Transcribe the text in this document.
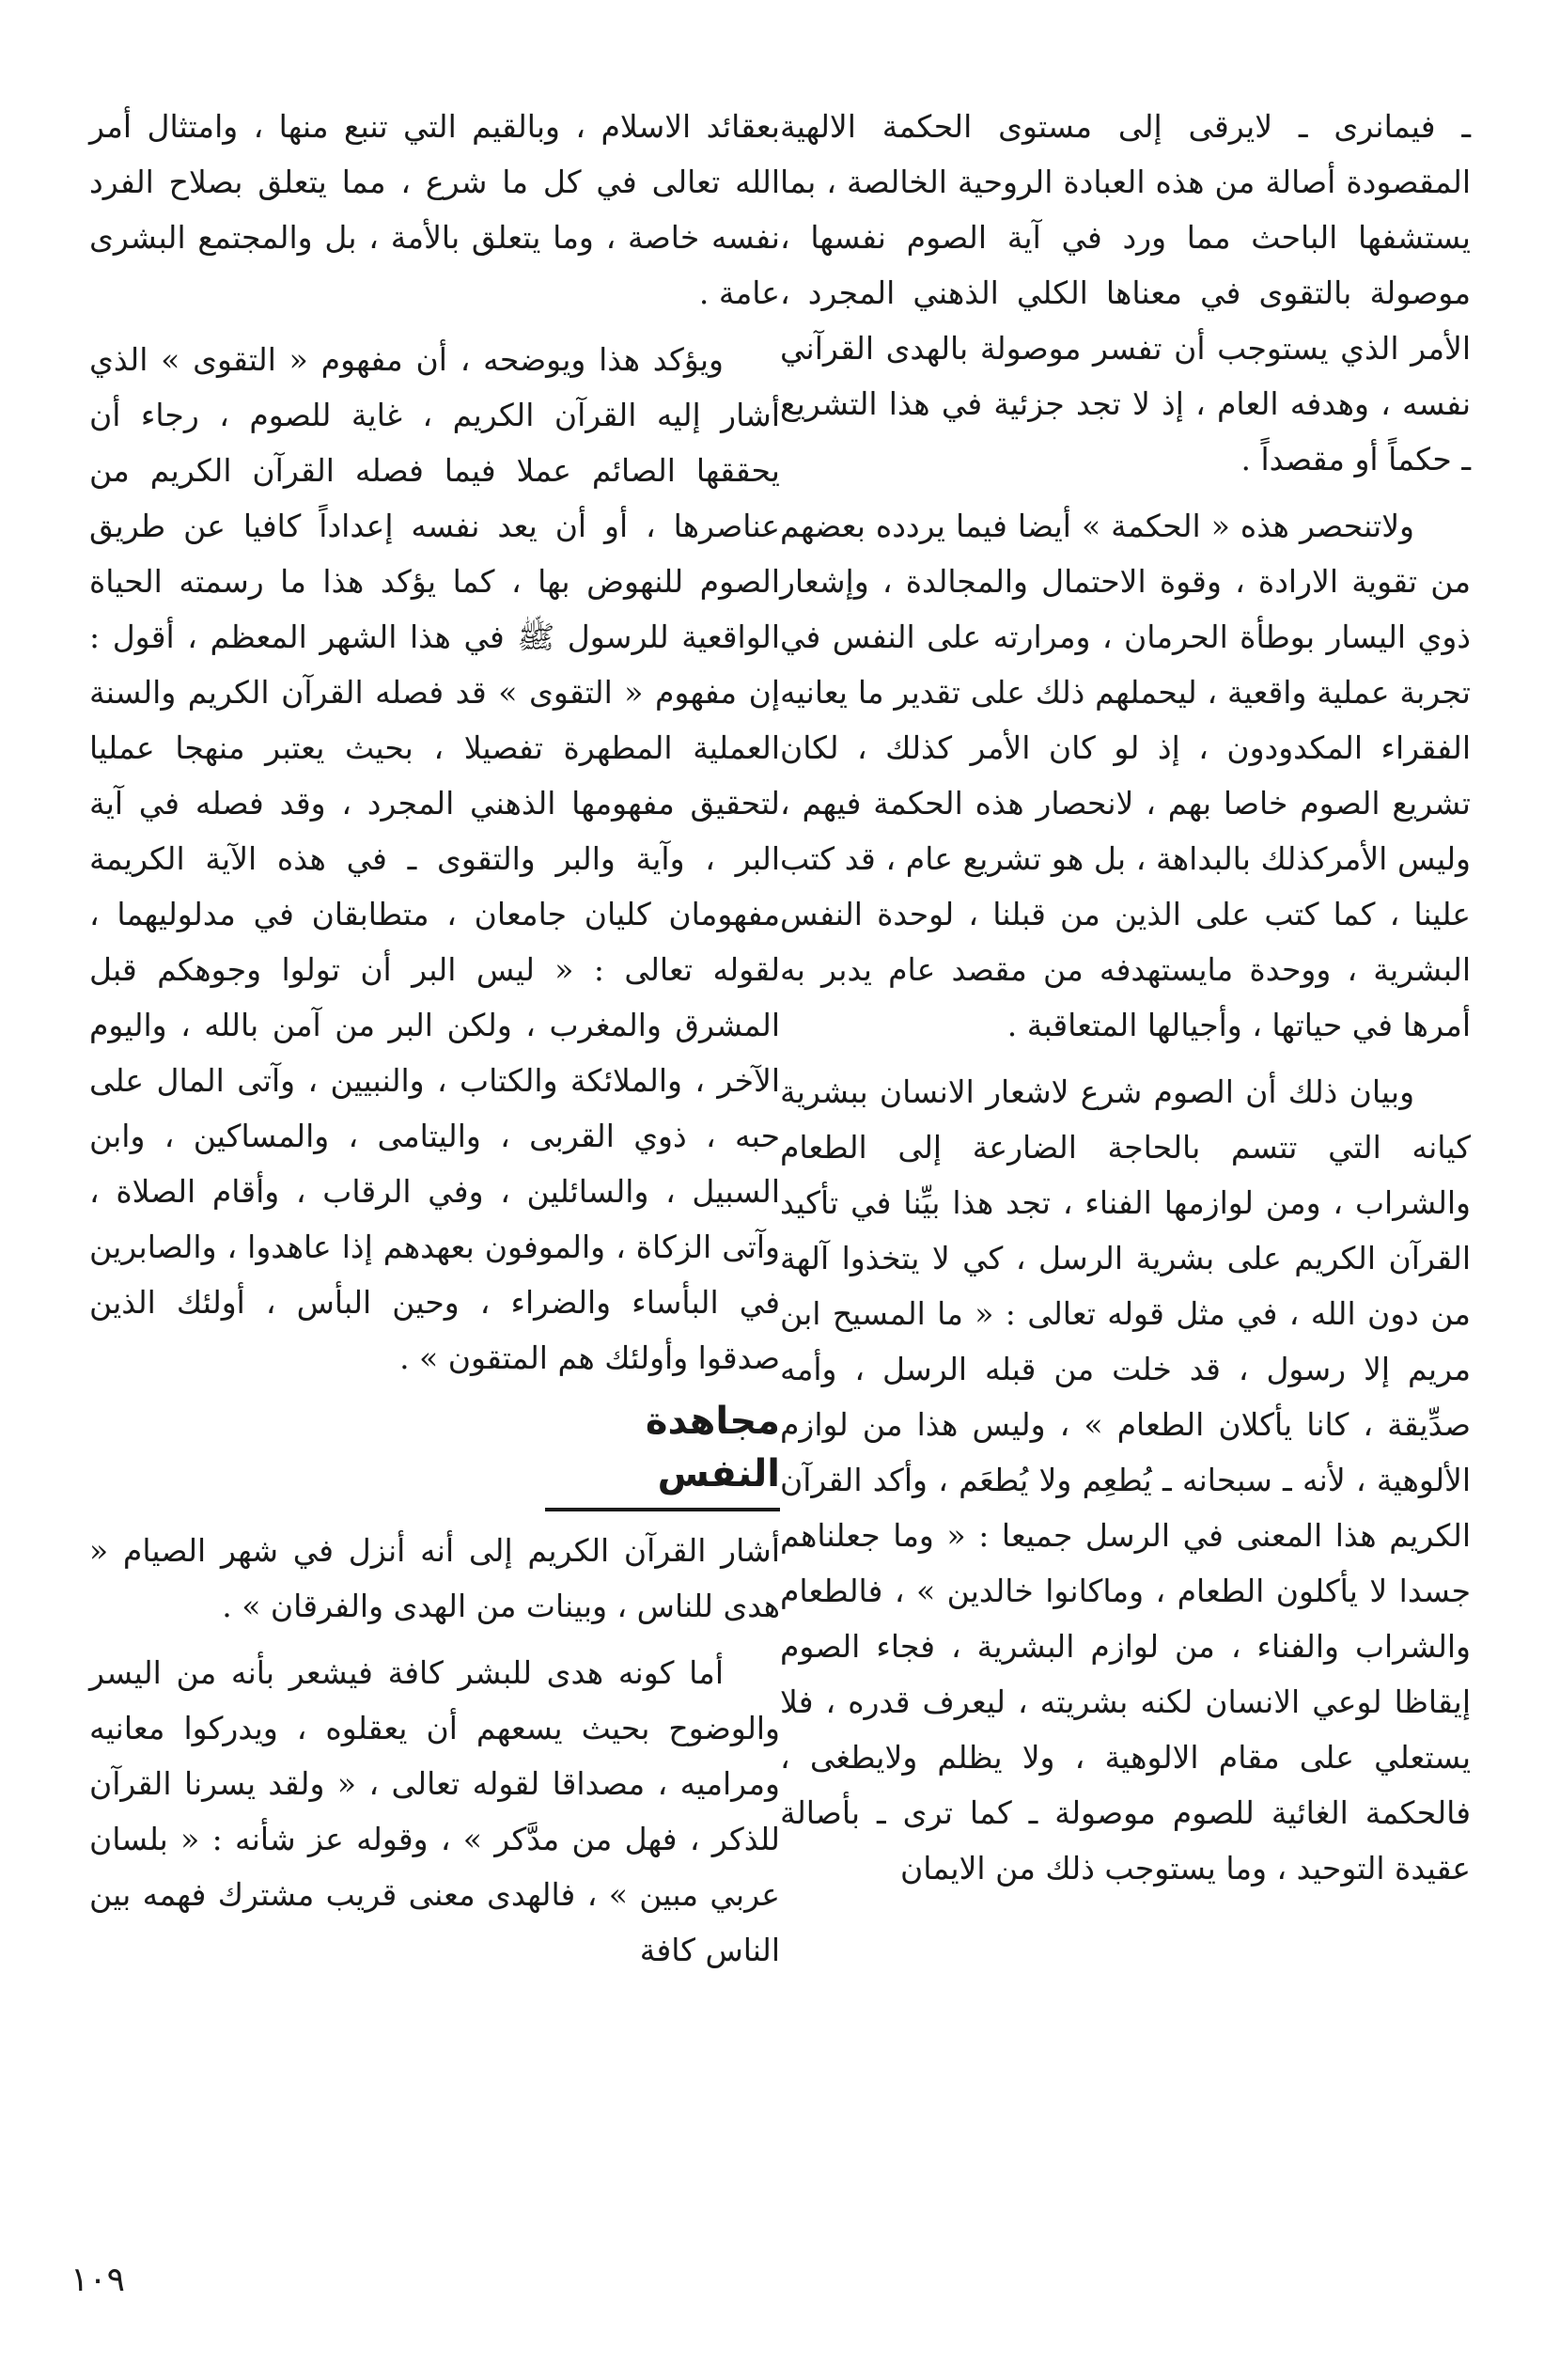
ـ فيمانرى ـ لايرقى إلى مستوى الحكمة الالهية المقصودة أصالة من هذه العبادة الروحية الخالصة ، بما يستشفها الباحث مما ورد في آية الصوم نفسها ، موصولة بالتقوى في معناها الكلي الذهني المجرد ، الأمر الذي يستوجب أن تفسر موصولة بالهدى القرآني نفسه ، وهدفه العام ، إذ لا تجد جزئية في هذا التشريع ـ حكماً أو مقصداً .

ولاتنحصر هذه « الحكمة » أيضا فيما يردده بعضهم من تقوية الارادة ، وقوة الاحتمال والمجالدة ، وإشعار ذوي اليسار بوطأة الحرمان ، ومرارته على النفس في تجربة عملية واقعية ، ليحملهم ذلك على تقدير ما يعانيه الفقراء المكدودون ، إذ لو كان الأمر كذلك ، لكان تشريع الصوم خاصا بهم ، لانحصار هذه الحكمة فيهم ، وليس الأمركذلك بالبداهة ، بل هو تشريع عام ، قد كتب علينا ، كما كتب على الذين من قبلنا ، لوحدة النفس البشرية ، ووحدة مايستهدفه من مقصد عام يدبر به أمرها في حياتها ، وأجيالها المتعاقبة .

وبيان ذلك أن الصوم شرع لاشعار الانسان ببشرية كيانه التي تتسم بالحاجة الضارعة إلى الطعام والشراب ، ومن لوازمها الفناء ، تجد هذا بيِّنا في تأكيد القرآن الكريم على بشرية الرسل ، كي لا يتخذوا آلهة من دون الله ، في مثل قوله تعالى : « ما المسيح ابن مريم إلا رسول ، قد خلت من قبله الرسل ، وأمه صدِّيقة ، كانا يأكلان الطعام » ، وليس هذا من لوازم الألوهية ، لأنه ـ سبحانه ـ يُطعِم ولا يُطعَم ، وأكد القرآن الكريم هذا المعنى في الرسل جميعا : « وما جعلناهم جسدا لا يأكلون الطعام ، وماكانوا خالدين » ، فالطعام والشراب والفناء ، من لوازم البشرية ، فجاء الصوم إيقاظا لوعي الانسان لكنه بشريته ، ليعرف قدره ، فلا يستعلي على مقام الالوهية ، ولا يظلم ولايطغى ، فالحكمة الغائية للصوم موصولة ـ كما ترى ـ بأصالة عقيدة التوحيد ، وما يستوجب ذلك من الايمان

بعقائد الاسلام ، وبالقيم التي تنبع منها ، وامتثال أمر الله تعالى في كل ما شرع ، مما يتعلق بصلاح الفرد نفسه خاصة ، وما يتعلق بالأمة ، بل والمجتمع البشرى عامة .

ويؤكد هذا ويوضحه ، أن مفهوم « التقوى » الذي أشار إليه القرآن الكريم ، غاية للصوم ، رجاء أن يحققها الصائم عملا فيما فصله القرآن الكريم من عناصرها ، أو أن يعد نفسه إعداداً كافيا عن طريق الصوم للنهوض بها ، كما يؤكد هذا ما رسمته الحياة الواقعية للرسول ﷺ في هذا الشهر المعظم ، أقول : إن مفهوم « التقوى » قد فصله القرآن الكريم والسنة العملية المطهرة تفصيلا ، بحيث يعتبر منهجا عمليا لتحقيق مفهومها الذهني المجرد ، وقد فصله في آية البر ، وآية والبر والتقوى ـ في هذه الآية الكريمة مفهومان كليان جامعان ، متطابقان في مدلوليهما ، لقوله تعالى : « ليس البر أن تولوا وجوهكم قبل المشرق والمغرب ، ولكن البر من آمن بالله ، واليوم الآخر ، والملائكة والكتاب ، والنبيين ، وآتى المال على حبه ، ذوي القربى ، واليتامى ، والمساكين ، وابن السبيل ، والسائلين ، وفي الرقاب ، وأقام الصلاة ، وآتى الزكاة ، والموفون بعهدهم إذا عاهدوا ، والصابرين في البأساء والضراء ، وحين البأس ، أولئك الذين صدقوا وأولئك هم المتقون » .

مجاهدة النفس

أشار القرآن الكريم إلى أنه أنزل في شهر الصيام « هدى للناس ، وبينات من الهدى والفرقان » .

أما كونه هدى للبشر كافة فيشعر بأنه من اليسر والوضوح بحيث يسعهم أن يعقلوه ، ويدركوا معانيه ومراميه ، مصداقا لقوله تعالى ، « ولقد يسرنا القرآن للذكر ، فهل من مدَّكر » ، وقوله عز شأنه : « بلسان عربي مبين » ، فالهدى معنى قريب مشترك فهمه بين الناس كافة

١٠٩
